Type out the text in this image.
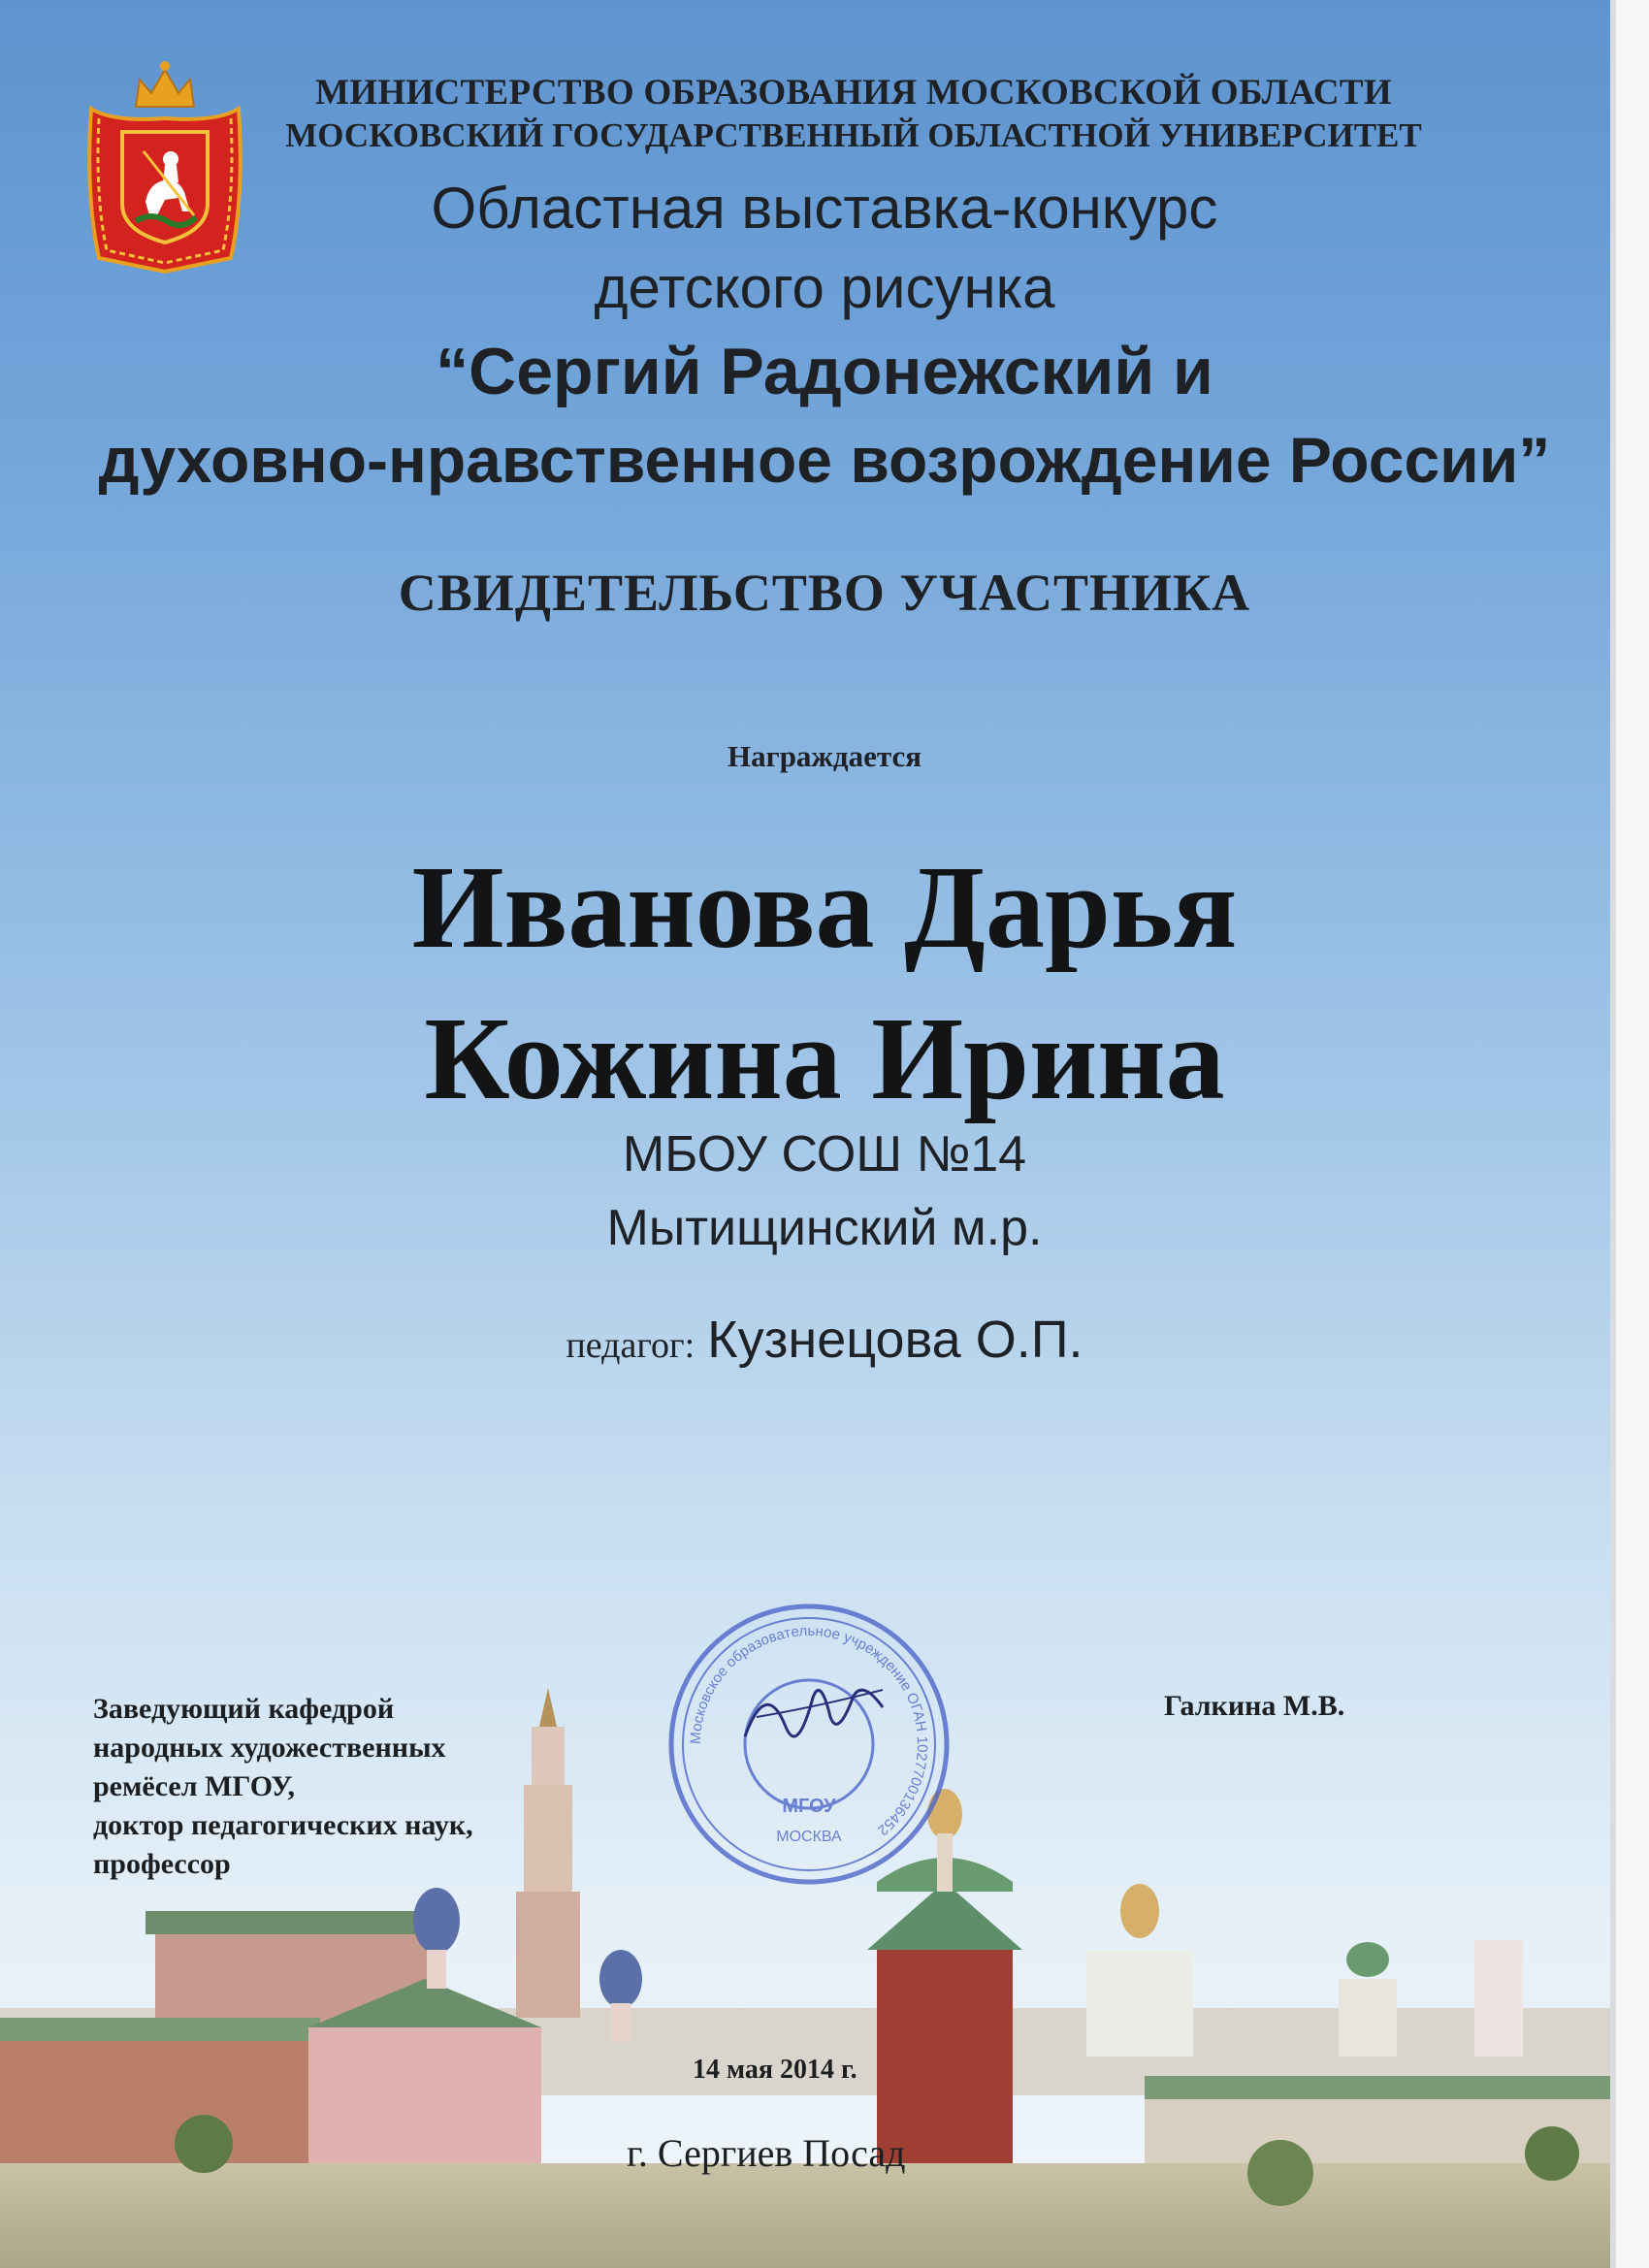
МИНИСТЕРСТВО ОБРАЗОВАНИЯ МОСКОВСКОЙ ОБЛАСТИ

МОСКОВСКИЙ ГОСУДАРСТВЕННЫЙ ОБЛАСТНОЙ УНИВЕРСИТЕТ

Областная выставка-конкурс

детского рисунка

“Сергий Радонежский и

духовно-нравственное возрождение России”

СВИДЕТЕЛЬСТВО УЧАСТНИКА

Награждается

Иванова Дарья

Кожина Ирина

МБОУ СОШ №14

Мытищинский м.р.

педагог: Кузнецова О.П.

Московское образовательное учреждение ОГАН 1027700136452
МГОУ
МОСКВА
Заведующий кафедрой
народных художественных
ремёсел МГОУ,
доктор педагогических наук,
профессор
Галкина М.В.
14 мая 2014 г.
г. Сергиев Посад
